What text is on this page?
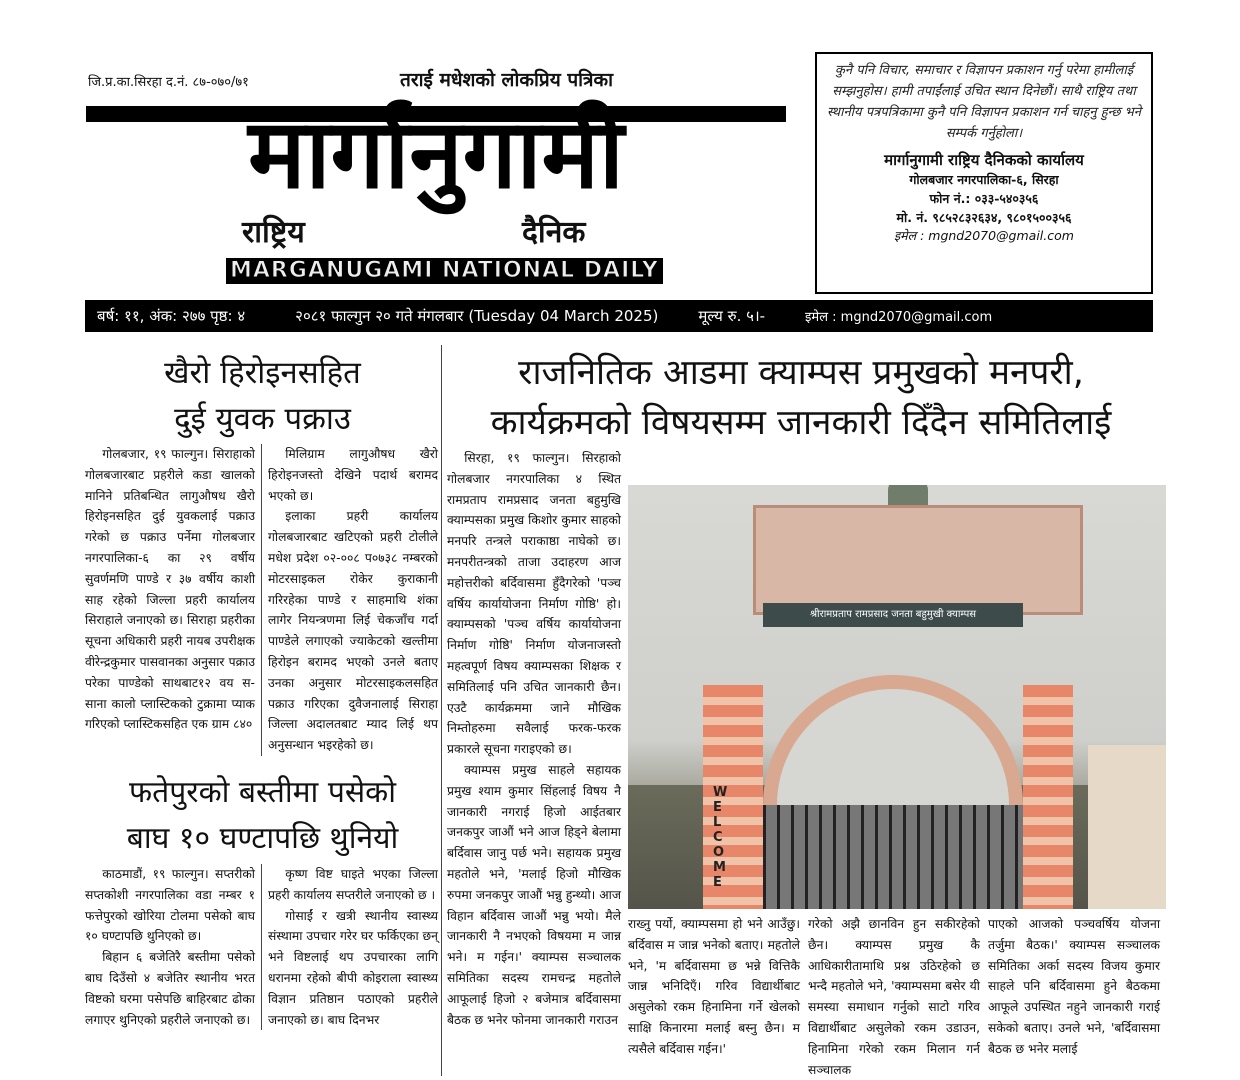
जि.प्र.का.सिरहा द.नं. ८७-०७०/७१	तराई मधेशको लोकप्रिय पत्रिका
मार्गानुगामी
राष्ट्रिय	दैनिक
MARGANUGAMI NATIONAL DAILY
कुनै पनि विचार, समाचार र विज्ञापन प्रकाशन गर्नु परेमा हामीलाई सम्झनुहोस। हामी तपाईंलाई उचित स्थान दिनेछौं। साथै राष्ट्रिय तथा स्थानीय पत्रपत्रिकामा कुनै पनि विज्ञापन प्रकाशन गर्न चाहनु हुन्छ भने सम्पर्क गर्नुहोला।
मार्गानुगामी राष्ट्रिय दैनिकको कार्यालय
गोलबजार नगरपालिका-६, सिरहा
फोन नं.: ०३३-५४०३५६
मो. नं. ९८५२८३२६३४, ९८०१५००३५६
इमेल : mgnd2070@gmail.com
बर्ष: ११, अंक: २७७ पृष्ठ: ४	२०८१ फाल्गुन २० गते मंगलबार (Tuesday 04 March 2025)	मूल्य रु. ५।-	इमेल : mgnd2070@gmail.com
खैरो हिरोइनसहित
दुई युवक पक्राउ

गोलबजार, १९ फाल्गुन। सिराहाको गोलबजारबाट प्रहरीले कडा खालको मानिने प्रतिबन्धित लागुऔषध खैरो हिरोइनसहित दुई युवकलाई पक्राउ गरेको छ पक्राउ पर्नेमा गोलबजार नगरपालिका-६ का २९ वर्षीय सुवर्णमणि पाण्डे र ३७ वर्षीय काशी साह रहेको जिल्ला प्रहरी कार्यालय सिराहाले जनाएको छ। सिराहा प्रहरीका सूचना अधिकारी प्रहरी नायब उपरीक्षक वीरेन्द्रकुमार पासवानका अनुसार पक्राउ परेका पाण्डेको साथबाट१२ वय स-साना कालो प्लास्टिकको टुक्रामा प्याक गरिएको प्लास्टिकसहित एक ग्राम ८४०

मिलिग्राम लागुऔषध खैरो हिरोइनजस्तो देखिने पदार्थ बरामद भएको छ।

इलाका प्रहरी कार्यालय गोलबजारबाट खटिएको प्रहरी टोलीले मधेश प्रदेश ०२-००८ प०७३८ नम्बरको मोटरसाइकल रोकेर कुराकानी गरिरहेका पाण्डे र साहमाथि शंका लागेर नियन्त्रणमा लिई चेकजाँच गर्दा पाण्डेले लगाएको ज्याकेटको खल्तीमा हिरोइन बरामद भएको उनले बताए उनका अनुसार मोटरसाइकलसहित पक्राउ गरिएका दुवैजनालाई सिराहा जिल्ला अदालतबाट म्याद लिई थप अनुसन्धान भइरहेको छ।

फतेपुरको बस्तीमा पसेको
बाघ १० घण्टापछि थुनियो

काठमाडौं, १९ फाल्गुन। सप्तरीको सप्तकोशी नगरपालिका वडा नम्बर १ फत्तेपुरको खोरिया टोलमा पसेको बाघ १० घण्टापछि थुनिएको छ।

बिहान ६ बजेतिरै बस्तीमा पसेको बाघ दिउँसो ४ बजेतिर स्थानीय भरत विष्टको घरमा पसेपछि बाहिरबाट ढोका लगाएर थुनिएको प्रहरीले जनाएको छ।

कृष्ण विष्ट घाइते भएका जिल्ला प्रहरी कार्यालय सप्तरीले जनाएको छ ।

गोसाईं र खत्री स्थानीय स्वास्थ्य संस्थामा उपचार गरेर घर फर्किएका छन् भने विष्टलाई थप उपचारका लागि धरानमा रहेको बीपी कोइराला स्वास्थ्य विज्ञान प्रतिष्ठान पठाएको प्रहरीले जनाएको छ। बाघ दिनभर

राजनितिक आडमा क्याम्पस प्रमुखको मनपरी,
कार्यक्रमको विषयसम्म जानकारी दिँदैन समितिलाई

सिरहा, १९ फाल्गुन। सिरहाको गोलबजार नगरपालिका ४ स्थित रामप्रताप रामप्रसाद जनता बहुमुखि क्याम्पसका प्रमुख किशोर कुमार साहको मनपरि तन्त्रले पराकाष्ठा नाघेको छ। मनपरीतन्त्रको ताजा उदाहरण आज महोत्तरीको बर्दिवासमा हुँदैगरेको 'पञ्च वर्षिय कार्यायोजना निर्माण गोष्ठि' हो। क्याम्पसको 'पञ्च वर्षिय कार्यायोजना निर्माण गोष्ठि' निर्माण योजनाजस्तो महत्वपूर्ण विषय क्याम्पसका शिक्षक र समितिलाई पनि उचित जानकारी छैन। एउटै कार्यक्रममा जाने मौखिक निम्तोहरुमा सवैलाई फरक-फरक प्रकारले सूचना गराइएको छ।

क्याम्पस प्रमुख साहले सहायक प्रमुख श्याम कुमार सिंहलाई विषय नै जानकारी नगराई हिजो आईतबार जनकपुर जाऔं भने आज हिड्ने बेलामा बर्दिवास जानु पर्छ भने। सहायक प्रमुख महतोले भने, 'मलाई हिजो मौखिक रुपमा जनकपुर जाऔं भन्नु हुन्थ्यो। आज विहान बर्दिवास जाऔं भन्नु भयो। मैले जानकारी नै नभएको विषयमा म जान्न भने। म गईन।' क्याम्पस सञ्चालक समितिका सदस्य रामचन्द्र महतोले आफूलाई हिजो २ बजेमात्र बर्दिवासमा बैठक छ भनेर फोनमा जानकारी गराउन

श्रीरामप्रताप रामप्रसाद जनता बहुमुखी क्याम्पस
WELCOME

राख्नु पर्यो, क्याम्पसमा हो भने आउँछु। बर्दिवास म जान्न भनेको बताए। महतोले भने, 'म बर्दिवासमा छ भन्ने वित्तिकै जान्न भनिदिएँ। गरिव विद्यार्थीबाट असुलेको रकम हिनामिना गर्ने खेलको साक्षि किनारमा मलाई बस्नु छैन। म त्यसैले बर्दिवास गईन।'

गरेको अझै छानविन हुन सकीरहेको छैन। क्याम्पस प्रमुख कै आधिकारीतामाथि प्रश्न उठिरहेको छ भन्दै महतोले भने, 'क्याम्पसमा बसेर यी समस्या समाधान गर्नुको साटो गरिव विद्यार्थीबाट असुलेको रकम उडाउन, हिनामिना गरेको रकम मिलान गर्न सञ्चालक

पाएको आजको पञ्चवर्षिय योजना तर्जुमा बैठक।' क्याम्पस सञ्चालक समितिका अर्का सदस्य विजय कुमार साहले पनि बर्दिवासमा हुने बैठकमा आफूले उपस्थित नहुने जानकारी गराई सकेको बताए। उनले भने, 'बर्दिवासमा बैठक छ भनेर मलाई
